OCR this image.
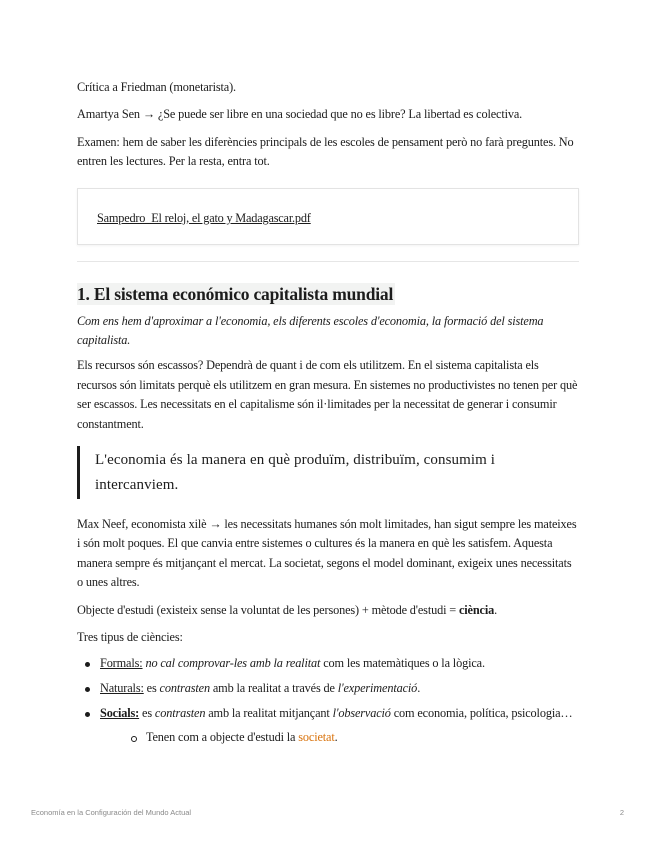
Crítica a Friedman (monetarista).

Amartya Sen → ¿Se puede ser libre en una sociedad que no es libre? La libertad es colectiva.

Examen: hem de saber les diferències principals de les escoles de pensament però no farà preguntes. No entren les lectures. Per la resta, entra tot.

Sampedro_El reloj, el gato y Madagascar.pdf
1. El sistema económico capitalista mundial

Com ens hem d'aproximar a l'economia, els diferents escoles d'economia, la formació del sistema capitalista.

Els recursos són escassos? Dependrà de quant i de com els utilitzem. En el sistema capitalista els recursos són limitats perquè els utilitzem en gran mesura. En sistemes no productivistes no tenen per què ser escassos. Les necessitats en el capitalisme són il·limitades per la necessitat de generar i consumir constantment.

L'economia és la manera en què produïm, distribuïm, consumim i intercanviem.

Max Neef, economista xilè → les necessitats humanes són molt limitades, han sigut sempre les mateixes i són molt poques. El que canvia entre sistemes o cultures és la manera en què les satisfem. Aquesta manera sempre és mitjançant el mercat. La societat, segons el model dominant, exigeix unes necessitats o unes altres.

Objecte d'estudi (existeix sense la voluntat de les persones) + mètode d'estudi = ciència.

Tres tipus de ciències:

Formals: no cal comprovar-les amb la realitat com les matemàtiques o la lògica.
Naturals: es contrasten amb la realitat a través de l'experimentació.
Socials: es contrasten amb la realitat mitjançant l'observació com economia, política, psicologia…
Tenen com a objecte d'estudi la societat.
Economía en la Configuración del Mundo Actual	2
